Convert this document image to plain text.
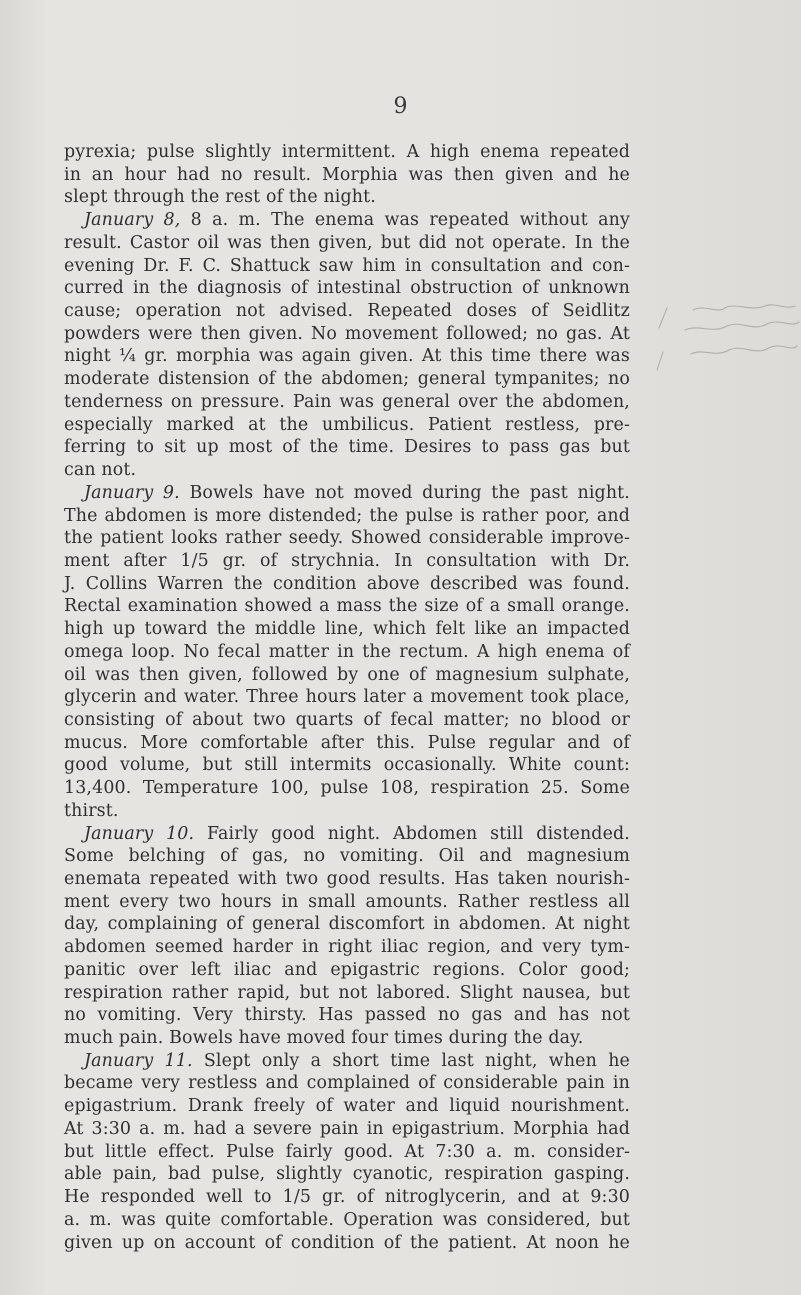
9
pyrexia; pulse slightly intermittent. A high enema repeated
in an hour had no result. Morphia was then given and he
slept through the rest of the night.
January 8, 8 a. m. The enema was repeated without any
result. Castor oil was then given, but did not operate. In the
evening Dr. F. C. Shattuck saw him in consultation and con-
curred in the diagnosis of intestinal obstruction of unknown
cause; operation not advised. Repeated doses of Seidlitz
powders were then given. No movement followed; no gas. At
night ¼ gr. morphia was again given. At this time there was
moderate distension of the abdomen; general tympanites; no
tenderness on pressure. Pain was general over the abdomen,
especially marked at the umbilicus. Patient restless, pre-
ferring to sit up most of the time. Desires to pass gas but
can not.
January 9. Bowels have not moved during the past night.
The abdomen is more distended; the pulse is rather poor, and
the patient looks rather seedy. Showed considerable improve-
ment after 1/5 gr. of strychnia. In consultation with Dr.
J. Collins Warren the condition above described was found.
Rectal examination showed a mass the size of a small orange.
high up toward the middle line, which felt like an impacted
omega loop. No fecal matter in the rectum. A high enema of
oil was then given, followed by one of magnesium sulphate,
glycerin and water. Three hours later a movement took place,
consisting of about two quarts of fecal matter; no blood or
mucus. More comfortable after this. Pulse regular and of
good volume, but still intermits occasionally. White count:
13,400. Temperature 100, pulse 108, respiration 25. Some
thirst.
January 10. Fairly good night. Abdomen still distended.
Some belching of gas, no vomiting. Oil and magnesium
enemata repeated with two good results. Has taken nourish-
ment every two hours in small amounts. Rather restless all
day, complaining of general discomfort in abdomen. At night
abdomen seemed harder in right iliac region, and very tym-
panitic over left iliac and epigastric regions. Color good;
respiration rather rapid, but not labored. Slight nausea, but
no vomiting. Very thirsty. Has passed no gas and has not
much pain. Bowels have moved four times during the day.
January 11. Slept only a short time last night, when he
became very restless and complained of considerable pain in
epigastrium. Drank freely of water and liquid nourishment.
At 3:30 a. m. had a severe pain in epigastrium. Morphia had
but little effect. Pulse fairly good. At 7:30 a. m. consider-
able pain, bad pulse, slightly cyanotic, respiration gasping.
He responded well to 1/5 gr. of nitroglycerin, and at 9:30
a. m. was quite comfortable. Operation was considered, but
given up on account of condition of the patient. At noon he
